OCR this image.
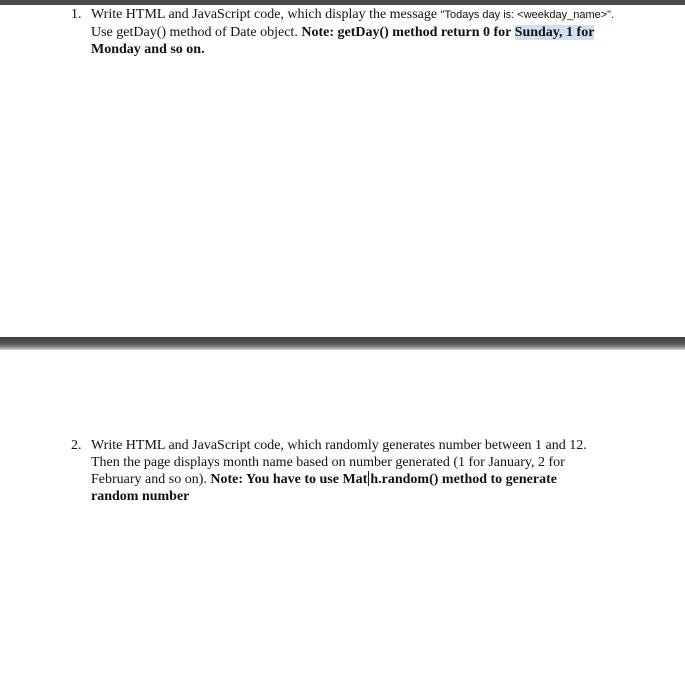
1. Write HTML and JavaScript code, which display the message "Todays day is: <weekday_name>".
Use getDay() method of Date object. Note: getDay() method return 0 for Sunday, 1 for
Monday and so on.
2. Write HTML and JavaScript code, which randomly generates number between 1 and 12.
Then the page displays month name based on number generated (1 for January, 2 for
February and so on). Note: You have to use Mat h.random() method to generate
random number
